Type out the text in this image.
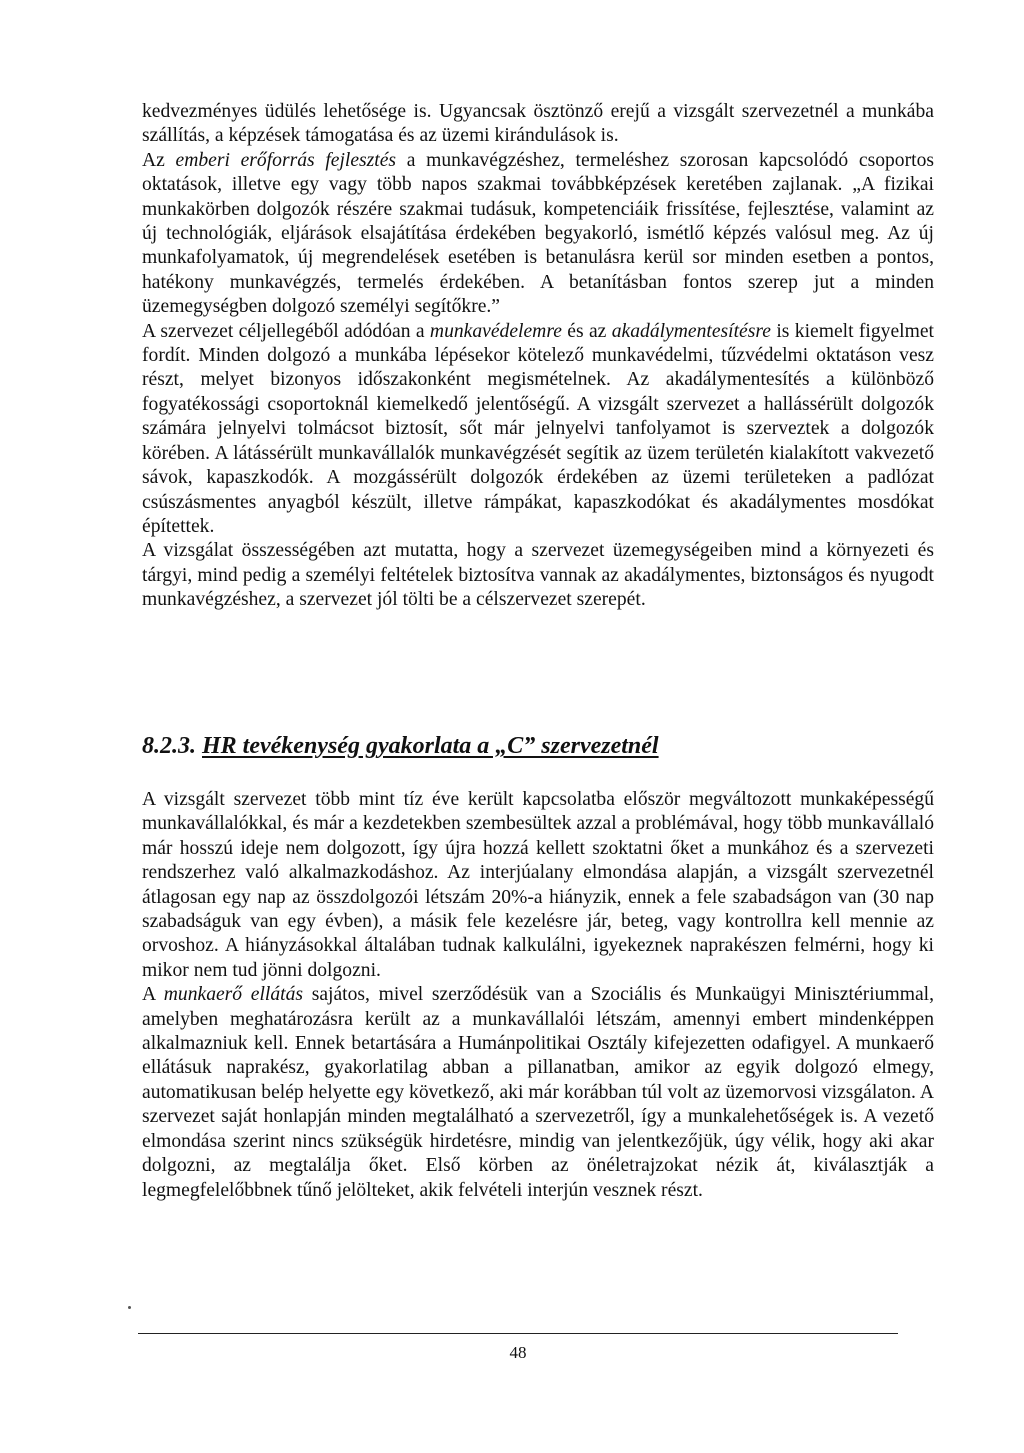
kedvezményes üdülés lehetősége is. Ugyancsak ösztönző erejű a vizsgált szervezetnél a munkába szállítás, a képzések támogatása és az üzemi kirándulások is.

Az emberi erőforrás fejlesztés a munkavégzéshez, termeléshez szorosan kapcsolódó csoportos oktatások, illetve egy vagy több napos szakmai továbbképzések keretében zajlanak. „A fizikai munkakörben dolgozók részére szakmai tudásuk, kompetenciáik frissítése, fejlesztése, valamint az új technológiák, eljárások elsajátítása érdekében begyakorló, ismétlő képzés valósul meg. Az új munkafolyamatok, új megrendelések esetében is betanulásra kerül sor minden esetben a pontos, hatékony munkavégzés, termelés érdekében. A betanításban fontos szerep jut a minden üzemegységben dolgozó személyi segítőkre.”

A szervezet céljellegéből adódóan a munkavédelemre és az akadálymentesítésre is kiemelt figyelmet fordít. Minden dolgozó a munkába lépésekor kötelező munkavédelmi, tűzvédelmi oktatáson vesz részt, melyet bizonyos időszakonként megismételnek. Az akadálymentesítés a különböző fogyatékossági csoportoknál kiemelkedő jelentőségű. A vizsgált szervezet a hallássérült dolgozók számára jelnyelvi tolmácsot biztosít, sőt már jelnyelvi tanfolyamot is szerveztek a dolgozók körében. A látássérült munkavállalók munkavégzését segítik az üzem területén kialakított vakvezető sávok, kapaszkodók. A mozgássérült dolgozók érdekében az üzemi területeken a padlózat csúszásmentes anyagból készült, illetve rámpákat, kapaszkodókat és akadálymentes mosdókat építettek.

A vizsgálat összességében azt mutatta, hogy a szervezet üzemegységeiben mind a környezeti és tárgyi, mind pedig a személyi feltételek biztosítva vannak az akadálymentes, biztonságos és nyugodt munkavégzéshez, a szervezet jól tölti be a célszervezet szerepét.

8.2.3. HR tevékenység gyakorlata a „C” szervezetnél

A vizsgált szervezet több mint tíz éve került kapcsolatba először megváltozott munkaképességű munkavállalókkal, és már a kezdetekben szembesültek azzal a problémával, hogy több munkavállaló már hosszú ideje nem dolgozott, így újra hozzá kellett szoktatni őket a munkához és a szervezeti rendszerhez való alkalmazkodáshoz. Az interjúalany elmondása alapján, a vizsgált szervezetnél átlagosan egy nap az összdolgozói létszám 20%-a hiányzik, ennek a fele szabadságon van (30 nap szabadságuk van egy évben), a másik fele kezelésre jár, beteg, vagy kontrollra kell mennie az orvoshoz. A hiányzásokkal általában tudnak kalkulálni, igyekeznek naprakészen felmérni, hogy ki mikor nem tud jönni dolgozni.

A munkaerő ellátás sajátos, mivel szerződésük van a Szociális és Munkaügyi Minisztériummal, amelyben meghatározásra került az a munkavállalói létszám, amennyi embert mindenképpen alkalmazniuk kell. Ennek betartására a Humánpolitikai Osztály kifejezetten odafigyel. A munkaerő ellátásuk naprakész, gyakorlatilag abban a pillanatban, amikor az egyik dolgozó elmegy, automatikusan belép helyette egy következő, aki már korábban túl volt az üzemorvosi vizsgálaton. A szervezet saját honlapján minden megtalálható a szervezetről, így a munkalehetőségek is. A vezető elmondása szerint nincs szükségük hirdetésre, mindig van jelentkezőjük, úgy vélik, hogy aki akar dolgozni, az megtalálja őket. Első körben az önéletrajzokat nézik át, kiválasztják a legmegfelelőbbnek tűnő jelölteket, akik felvételi interjún vesznek részt.

48
